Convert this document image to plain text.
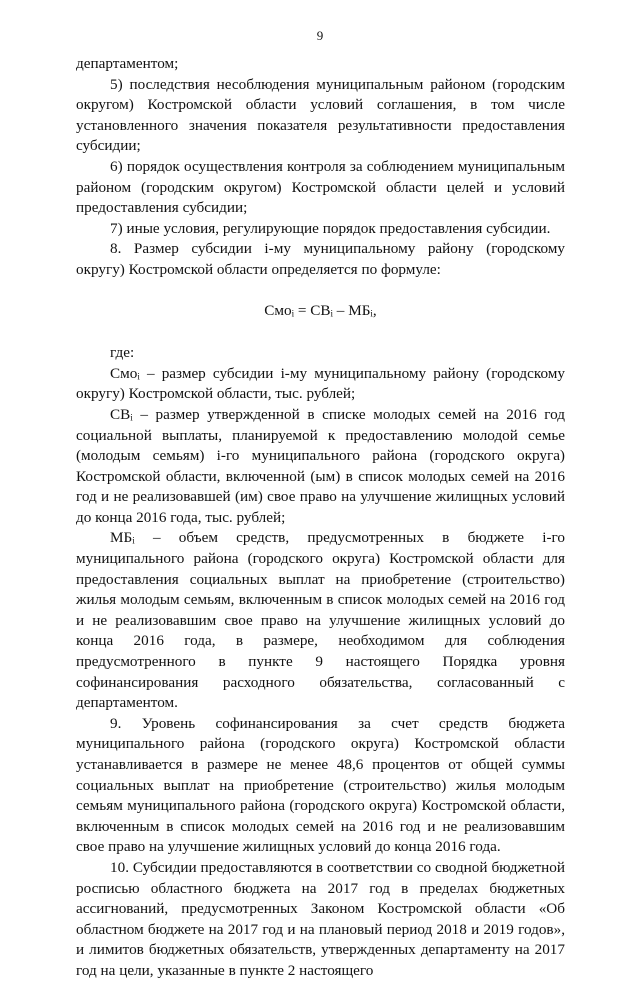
9

департаментом;

5) последствия несоблюдения муниципальным районом (городским округом) Костромской области условий соглашения, в том числе установленного значения показателя результативности предоставления субсидии;

6) порядок осуществления контроля за соблюдением муниципальным районом (городским округом) Костромской области целей и условий предоставления субсидии;

7) иные условия, регулирующие порядок предоставления субсидии.

8. Размер субсидии i-му муниципальному району (городскому округу) Костромской области определяется по формуле:

Смоᵢ = СВᵢ – МБᵢ,

где:

Смоᵢ – размер субсидии i-му муниципальному району (городскому округу) Костромской области, тыс. рублей;

СВᵢ – размер утвержденной в списке молодых семей на 2016 год социальной выплаты, планируемой к предоставлению молодой семье (молодым семьям) i-го муниципального района (городского округа) Костромской области, включенной (ым) в список молодых семей на 2016 год и не реализовавшей (им) свое право на улучшение жилищных условий до конца 2016 года, тыс. рублей;

МБᵢ – объем средств, предусмотренных в бюджете i-го муниципального района (городского округа) Костромской области для предоставления социальных выплат на приобретение (строительство) жилья молодым семьям, включенным в список молодых семей на 2016 год и не реализовавшим свое право на улучшение жилищных условий до конца 2016 года, в размере, необходимом для соблюдения предусмотренного в пункте 9 настоящего Порядка уровня софинансирования расходного обязательства, согласованный с департаментом.

9. Уровень софинансирования за счет средств бюджета муниципального района (городского округа) Костромской области устанавливается в размере не менее 48,6 процентов от общей суммы социальных выплат на приобретение (строительство) жилья молодым семьям муниципального района (городского округа) Костромской области, включенным в список молодых семей на 2016 год и не реализовавшим свое право на улучшение жилищных условий до конца 2016 года.

10. Субсидии предоставляются в соответствии со сводной бюджетной росписью областного бюджета на 2017 год в пределах бюджетных ассигнований, предусмотренных Законом Костромской области «Об областном бюджете на 2017 год и на плановый период 2018 и 2019 годов», и лимитов бюджетных обязательств, утвержденных департаменту на 2017 год на цели, указанные в пункте 2 настоящего
